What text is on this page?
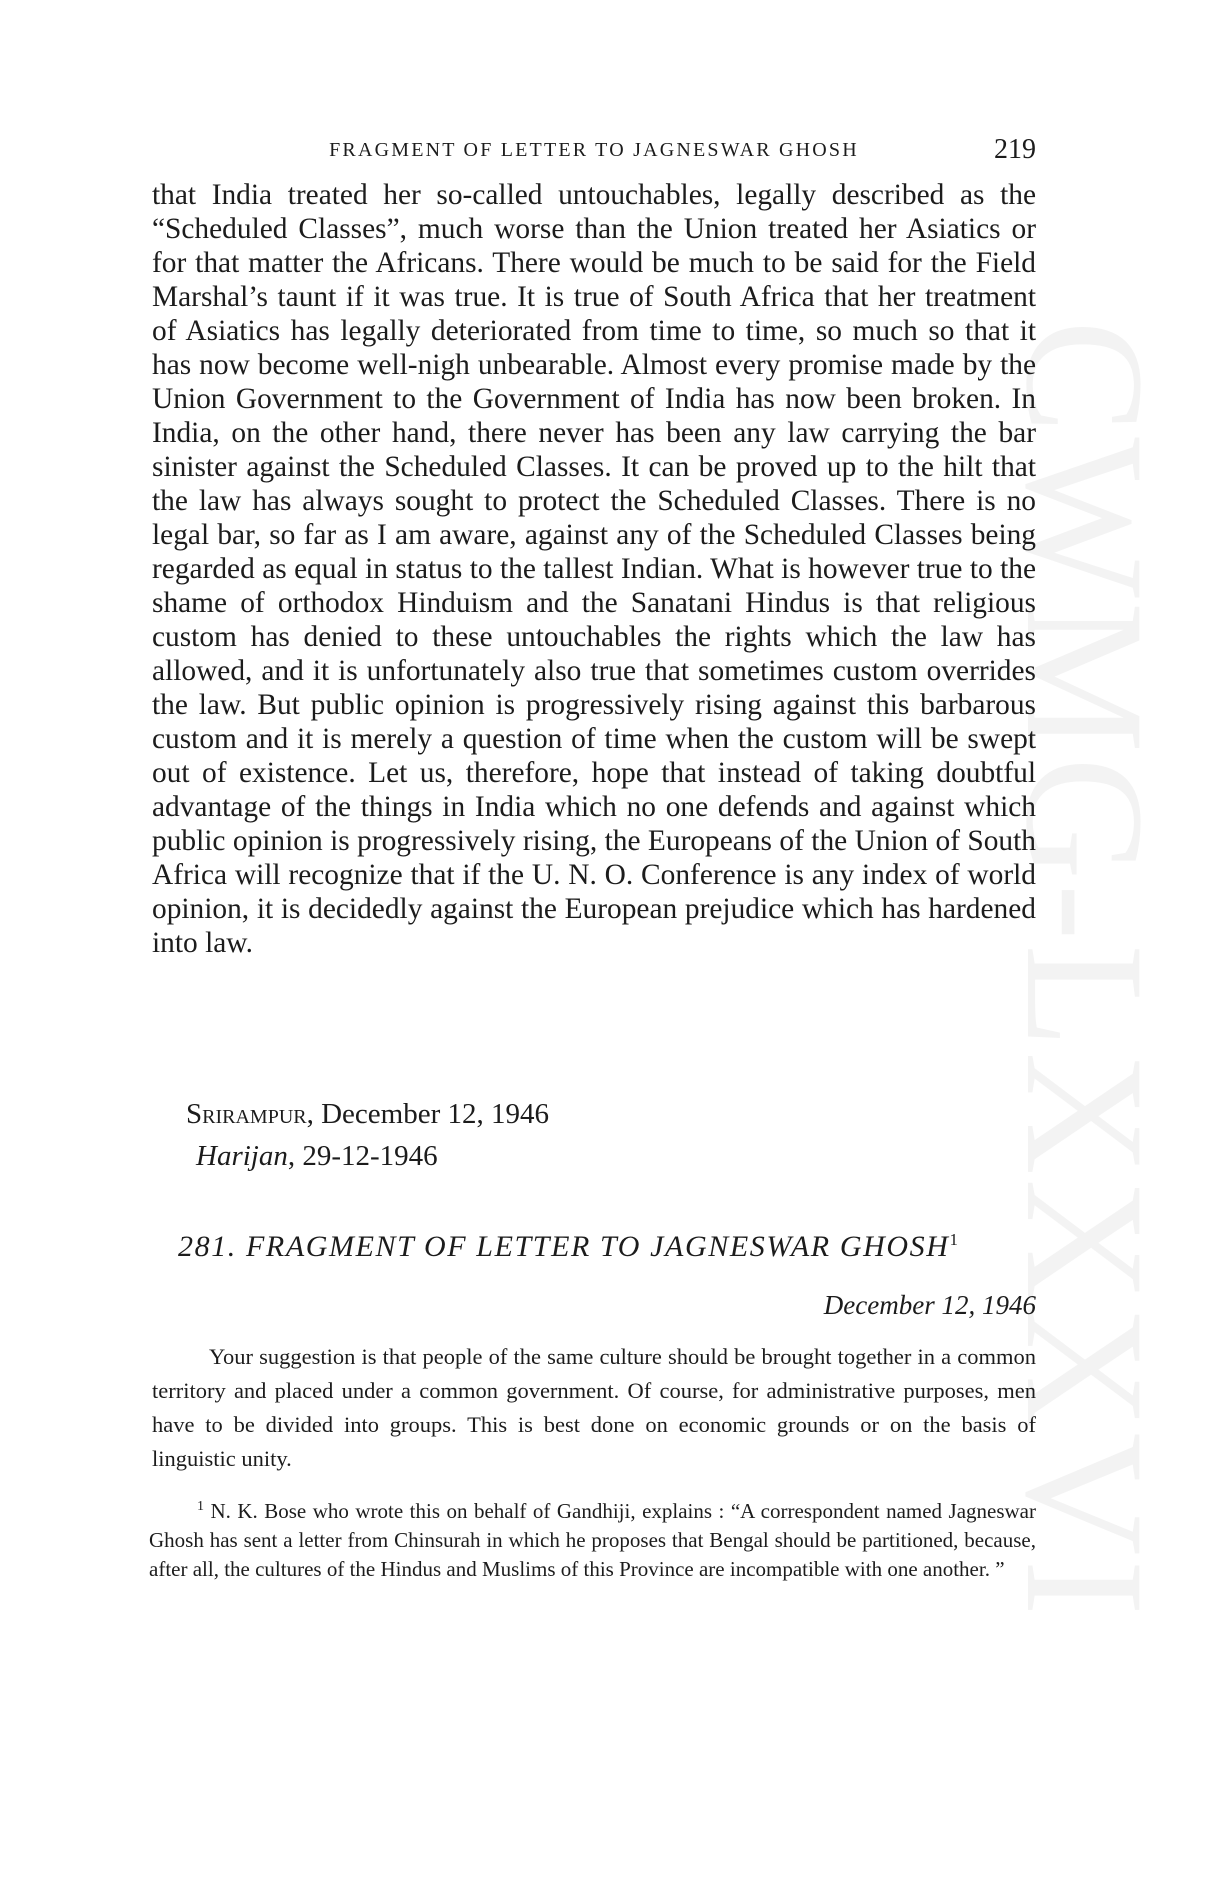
CWMG-LXXXVI
FRAGMENT OF LETTER TO JAGNESWAR GHOSH	219

that India treated her so-called untouchables, legally described as the “Scheduled Classes”, much worse than the Union treated her Asiatics or for that matter the Africans. There would be much to be said for the Field Marshal’s taunt if it was true. It is true of South Africa that her treatment of Asiatics has legally deteriorated from time to time, so much so that it has now become well-nigh unbearable. Almost every promise made by the Union Government to the Government of India has now been broken. In India, on the other hand, there never has been any law carrying the bar sinister against the Scheduled Classes. It can be proved up to the hilt that the law has always sought to protect the Scheduled Classes. There is no legal bar, so far as I am aware, against any of the Scheduled Classes being regarded as equal in status to the tallest Indian. What is however true to the shame of orthodox Hinduism and the Sanatani Hindus is that religious custom has denied to these untouchables the rights which the law has allowed, and it is unfortunately also true that sometimes custom overrides the law. But public opinion is progressively rising against this barbarous custom and it is merely a question of time when the custom will be swept out of existence. Let us, therefore, hope that instead of taking doubtful advantage of the things in India which no one defends and against which public opinion is progressively rising, the Europeans of the Union of South Africa will recognize that if the U. N. O. Conference is any index of world opinion, it is decidedly against the European prejudice which has hardened into law.

Srirampur, December 12, 1946
Harijan, 29-12-1946
281. FRAGMENT OF LETTER TO JAGNESWAR GHOSH$^1$
December 12, 1946

Your suggestion is that people of the same culture should be brought together in a common territory and placed under a common government. Of course, for administrative purposes, men have to be divided into groups. This is best done on economic grounds or on the basis of linguistic unity.

$^1$ N. K. Bose who wrote this on behalf of Gandhiji, explains : “A correspondent named Jagneswar Ghosh has sent a letter from Chinsurah in which he proposes that Bengal should be partitioned, because, after all, the cultures of the Hindus and Muslims of this Province are incompatible with one another. ”
